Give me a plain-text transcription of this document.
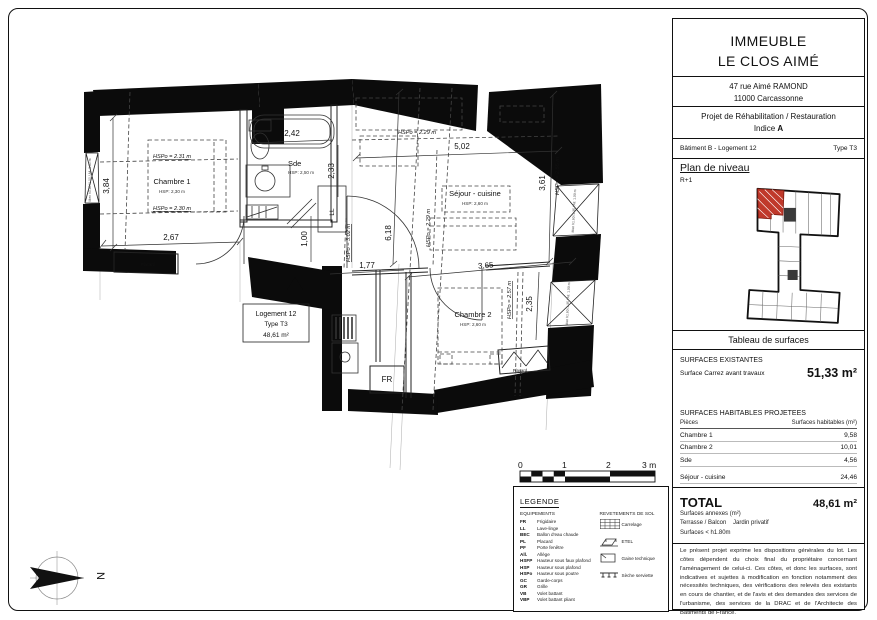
Chambre 1
HSP: 2,30 m
Sde
HSP: 2,50 m
Séjour - cuisine
HSP: 2,60 m
Chambre 2
HSP: 2,60 m
2,67
3,84
2,42
2,33
1,00	6,18
5,02
3,61
3,65
1,77
2,35
HSPo = 2.31 m
HSPo = 2.30 m
HSPo = 2.29 m
HSPo = 2.29 m
HSPo = 2.55 m
HSPo = 2.57 m
HSPo = 3.02 m
FR
LL
Placard
Placard
Logement 12
Type T3
48,61 m²
Men h0.60 l1.00 / All. 1.60 m
Men h1.60 l1.35 / All. 1.00 m
Men h1.60 l1.35 / All. 1.00 m
0	1	2	3 m
N
LEGENDE
EQUIPEMENTS
FR	Frigidaire
LL	Lave-linge
BEC	Ballon d'eau chaude
PL	Placard
PF	Porte fenêtre
All.	Allège
HSFP	Hauteur sous faux plafond
HSP	Hauteur sous plafond
HSPo	Hauteur sous poutre
GC	Garde-corps
GR	Grille
VB	Volet battant
VBP	Volet battant pliant
REVETEMENTS DE SOL
Carrelage
ETEL
Gaine technique
Sèche serviette
IMMEUBLE
LE CLOS AIMÉ
47 rue Aimé RAMOND
11000 Carcassonne
Projet de Réhabilitation / Restauration
Indice A
Bâtiment B - Logement 12	Type T3
Plan de niveau
R+1
Tableau de surfaces
SURFACES EXISTANTES
Surface Carrez avant travaux	51,33 m²
SURFACES HABITABLES PROJETEES
Pièces	Surfaces habitables (m²)
Chambre 1	9,58
Chambre 2	10,01
Sde	4,56
Séjour - cuisine	24,46
TOTAL	48,61 m²
Surfaces annexes (m²)
Terrasse / Balcon Jardin privatif
Surfaces < h1.80m
Le présent projet exprime les dispositions générales du lot. Les côtes dépendent du choix final du propriétaire concernant l'aménagement de celui-ci. Ces côtes, et donc les surfaces, sont indicatives et sujettes à modification en fonction notamment des nécessités techniques, des vérifications des relevés des existants en cours de chantier, et de l'avis et des demandes des services de l'urbanisme, des services de la DRAC et de l'Architecte des Bâtiments de France.
